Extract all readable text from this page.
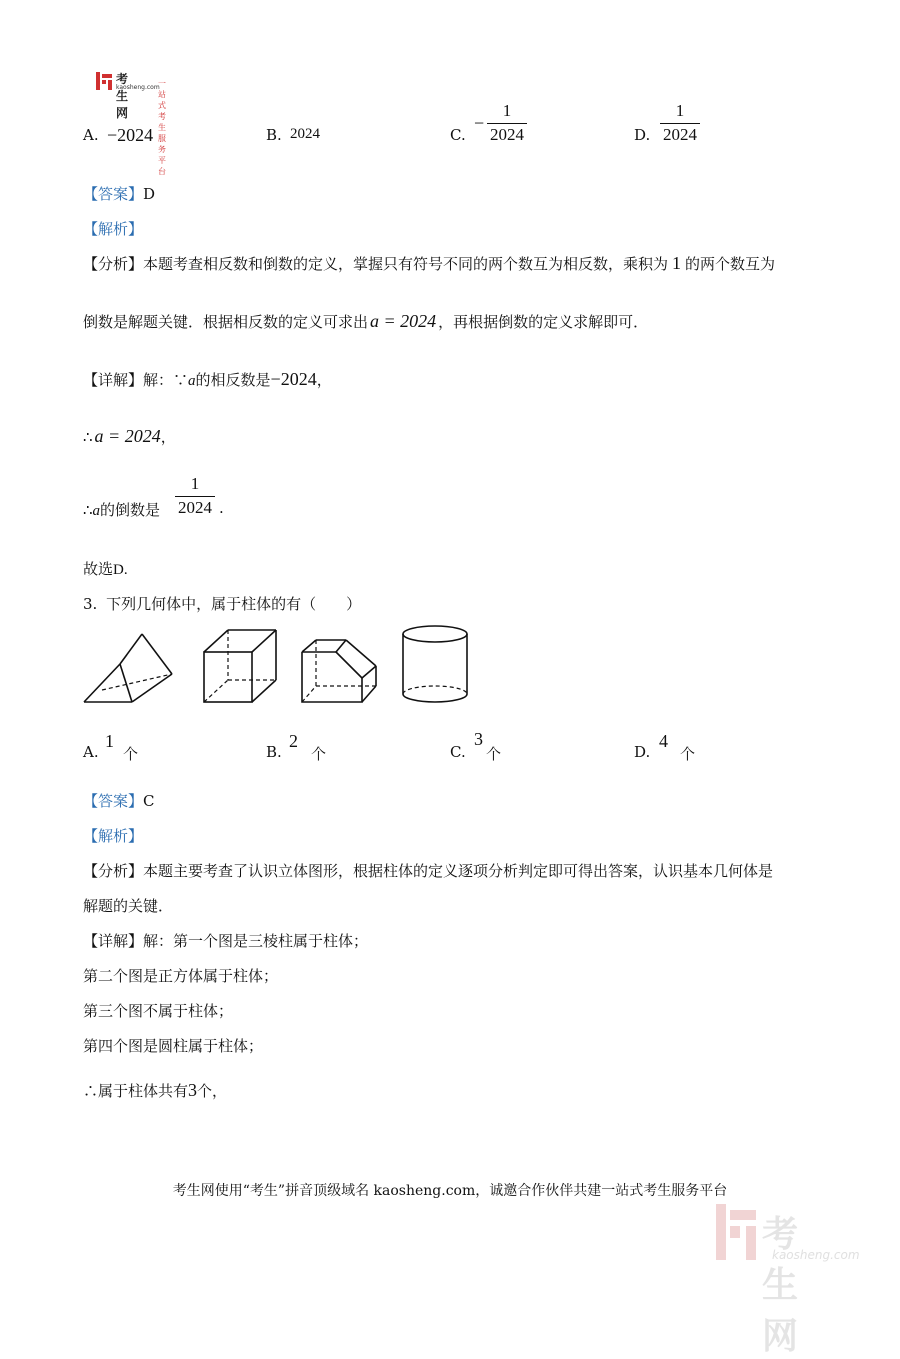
考生网
kaosheng.com
一站式考生服务平台
A. −2024	B. 2024	C.
−
1
2024	D.
1
2024
【答案】D
【解析】
【分析】本题考查相反数和倒数的定义，掌握只有符号不同的两个数互为相反数，乘积为 1 的两个数互为
倒数是解题关键．根据相反数的定义可求出 a = 2024 ，再根据倒数的定义求解即可．
【详解】解：∵a的相反数是−2024，
∴ a = 2024，
∴a的倒数是
1
2024 .
故选D.
3. 下列几何体中，属于柱体的有（　　）
A.
1
个	B.
2
个	C.
3
个	D.
4
个
【答案】C
【解析】
【分析】本题主要考查了认识立体图形，根据柱体的定义逐项分析判定即可得出答案，认识基本几何体是
解题的关键．
【详解】解：第一个图是三棱柱属于柱体；
第二个图是正方体属于柱体；
第三个图不属于柱体；
第四个图是圆柱属于柱体；
∴属于柱体共有3个，
考生网使用“考生”拼音顶级域名 kaosheng.com，诚邀合作伙伴共建一站式考生服务平台
考生网
kaosheng.com
